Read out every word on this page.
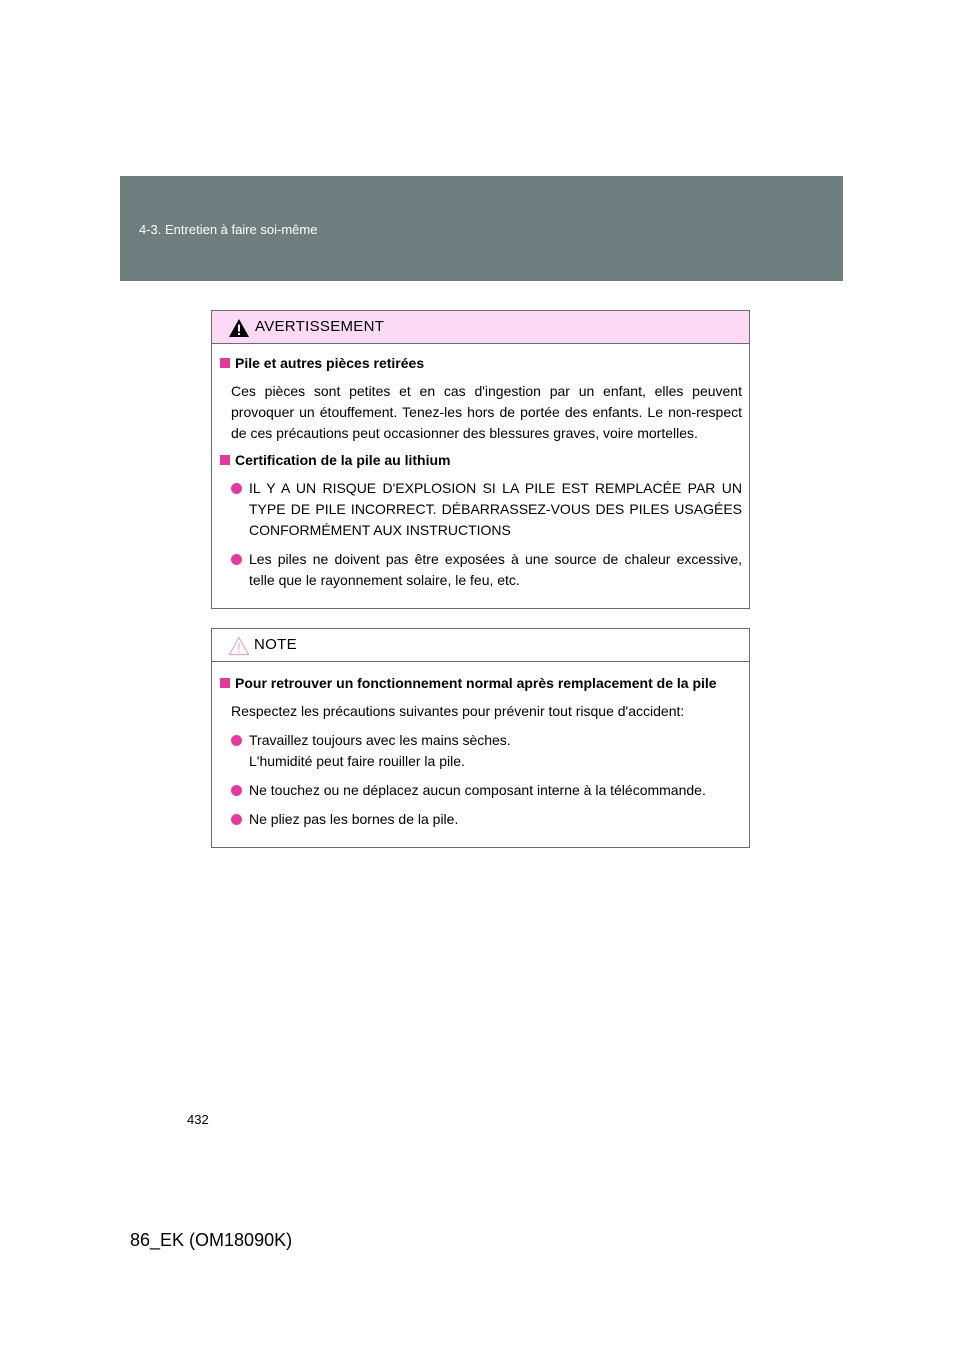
4-3. Entretien à faire soi-même
AVERTISSEMENT
Pile et autres pièces retirées
Ces pièces sont petites et en cas d'ingestion par un enfant, elles peuvent provoquer un étouffement. Tenez-les hors de portée des enfants. Le non-respect de ces précautions peut occasionner des blessures graves, voire mortelles.
Certification de la pile au lithium
IL Y A UN RISQUE D'EXPLOSION SI LA PILE EST REMPLACÉE PAR UN TYPE DE PILE INCORRECT. DÉBARRASSEZ-VOUS DES PILES USAGÉES CONFORMÉMENT AUX INSTRUCTIONS
Les piles ne doivent pas être exposées à une source de chaleur excessive, telle que le rayonnement solaire, le feu, etc.
NOTE
Pour retrouver un fonctionnement normal après remplacement de la pile
Respectez les précautions suivantes pour prévenir tout risque d'accident:
Travaillez toujours avec les mains sèches.
L'humidité peut faire rouiller la pile.
Ne touchez ou ne déplacez aucun composant interne à la télécommande.
Ne pliez pas les bornes de la pile.
432
86_EK (OM18090K)
